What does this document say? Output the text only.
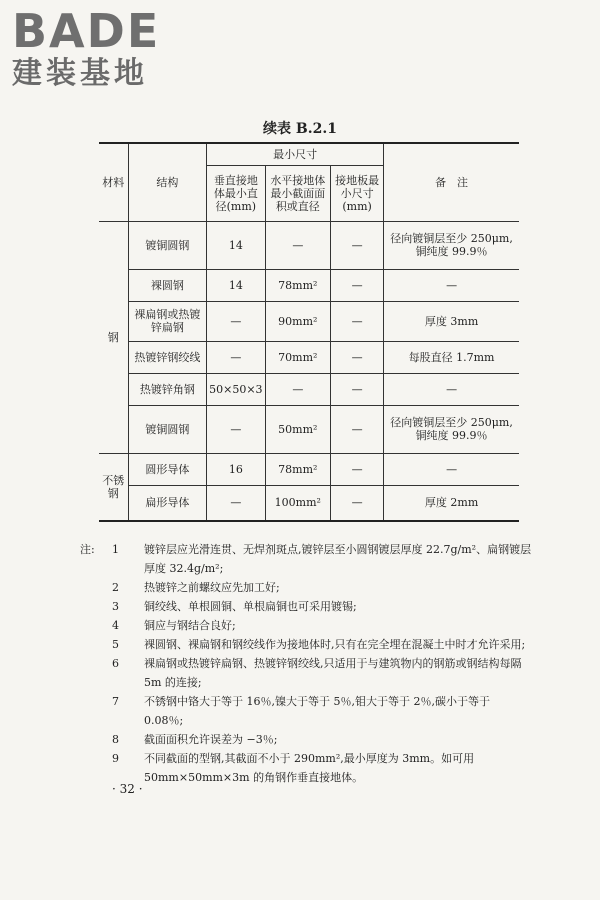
BADE
建装基地
续表 B.2.1
材料	结构	最小尺寸			备　注
		垂直接地体最小直径(mm)	水平接地体最小截面面积或直径	接地板最小尺寸(mm)	
钢	镀铜圆钢	14	—	—	径向镀铜层至少 250μm,铜纯度 99.9％
	裸圆钢	14	78mm²	—	—
	裸扁钢或热镀锌扁钢	—	90mm²	—	厚度 3mm
	热镀锌钢绞线	—	70mm²	—	每股直径 1.7mm
	热镀锌角钢	50×50×3	—	—	—
	镀铜圆钢	—	50mm²	—	径向镀铜层至少 250μm,铜纯度 99.9％
不锈钢	圆形导体	16	78mm²	—	—
	扁形导体	—	100mm²	—	厚度 2mm
注:	1	镀锌层应光滑连贯、无焊剂斑点,镀锌层至小圆钢镀层厚度 22.7g/m²、扁钢镀层厚度 32.4g/m²;
2	热镀锌之前螺纹应先加工好;
3	铜绞线、单根圆铜、单根扁铜也可采用镀锡;
4	铜应与钢结合良好;
5	裸圆钢、裸扁钢和钢绞线作为接地体时,只有在完全埋在混凝土中时才允许采用;
6	裸扁钢或热镀锌扁钢、热镀锌钢绞线,只适用于与建筑物内的钢筋或钢结构每隔 5m 的连接;
7	不锈钢中铬大于等于 16％,镍大于等于 5％,钼大于等于 2％,碳小于等于 0.08％;
8	截面面积允许误差为 −3％;
9	不同截面的型钢,其截面不小于 290mm²,最小厚度为 3mm。如可用 50mm×50mm×3m 的角钢作垂直接地体。
· 32 ·
